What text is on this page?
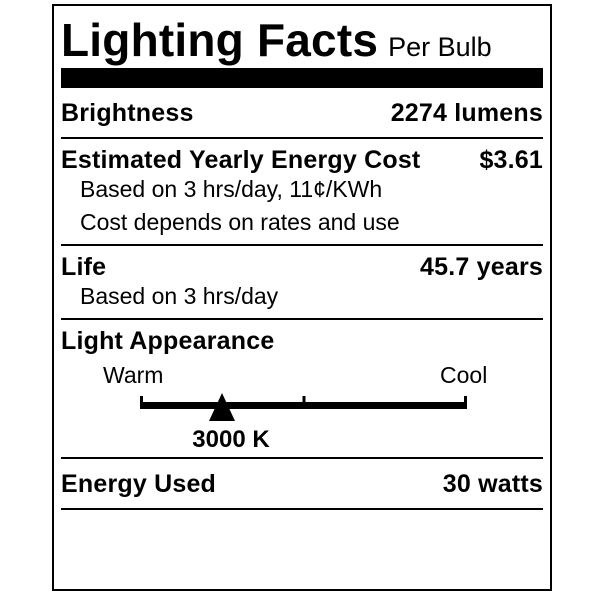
Lighting Facts Per Bulb
Brightness	2274 lumens
Estimated Yearly Energy Cost $3.61
Based on 3 hrs/day, 11¢/KWh
Cost depends on rates and use
Life	45.7 years
Based on 3 hrs/day
Light Appearance
Warm	Cool
3000 K
Energy Used	30 watts
